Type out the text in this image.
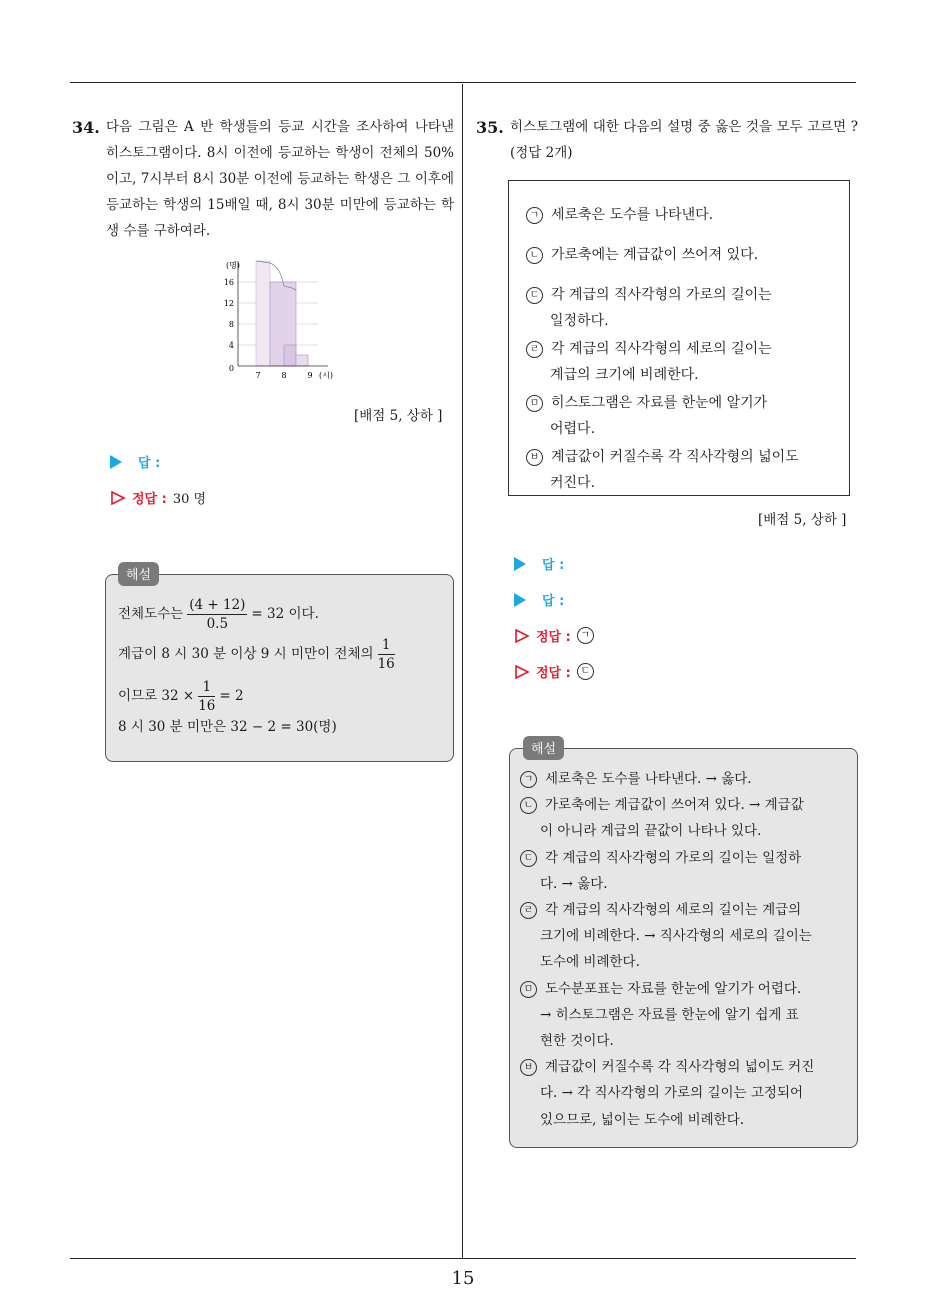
34. 다음 그림은 A 반 학생들의 등교 시간을 조사하여 나타낸 히스토그램이다. 8시 이전에 등교하는 학생이 전체의 50%이고, 7시부터 8시 30분 이전에 등교하는 학생은 그 이후에 등교하는 학생의 15배일 때, 8시 30분 미만에 등교하는 학생 수를 구하여라.
(명)
16
12
8
4
0
7	8	9 (시)
[배점 5, 상하 ]
답 :
정답 : 30 명
해설
전체도수는 $\frac{(4 + 12)}{0.5} = 32$ 이다.
계급이 8 시 30 분 이상 9 시 미만이 전체의 $\frac{1}{16}$
이므로 $32 \times \frac{1}{16} = 2$
8 시 30 분 미만은 32 − 2 = 30(명)
35. 히스토그램에 대한 다음의 설명 중 옳은 것을 모두 고르면 ? (정답 2개)
ㄱ 세로축은 도수를 나타낸다.
ㄴ 가로축에는 계급값이 쓰어져 있다.
ㄷ 각 계급의 직사각형의 가로의 길이는
일정하다.
ㄹ 각 계급의 직사각형의 세로의 길이는
계급의 크기에 비례한다.
ㅁ 히스토그램은 자료를 한눈에 알기가
어렵다.
ㅂ 계급값이 커질수록 각 직사각형의 넓이도
커진다.
[배점 5, 상하 ]
답 :
답 :
정답 : ㄱ
정답 : ㄷ
해설
ㄱ 세로축은 도수를 나타낸다. → 옳다.
ㄴ 가로축에는 계급값이 쓰어져 있다. → 계급값
이 아니라 계급의 끝값이 나타나 있다.
ㄷ 각 계급의 직사각형의 가로의 길이는 일정하
다. → 옳다.
ㄹ 각 계급의 직사각형의 세로의 길이는 계급의
크기에 비례한다. → 직사각형의 세로의 길이는
도수에 비례한다.
ㅁ 도수분포표는 자료를 한눈에 알기가 어렵다.
→ 히스토그램은 자료를 한눈에 알기 쉽게 표
현한 것이다.
ㅂ 계급값이 커질수록 각 직사각형의 넓이도 커진
다. → 각 직사각형의 가로의 길이는 고정되어
있으므로, 넓이는 도수에 비례한다.
15
